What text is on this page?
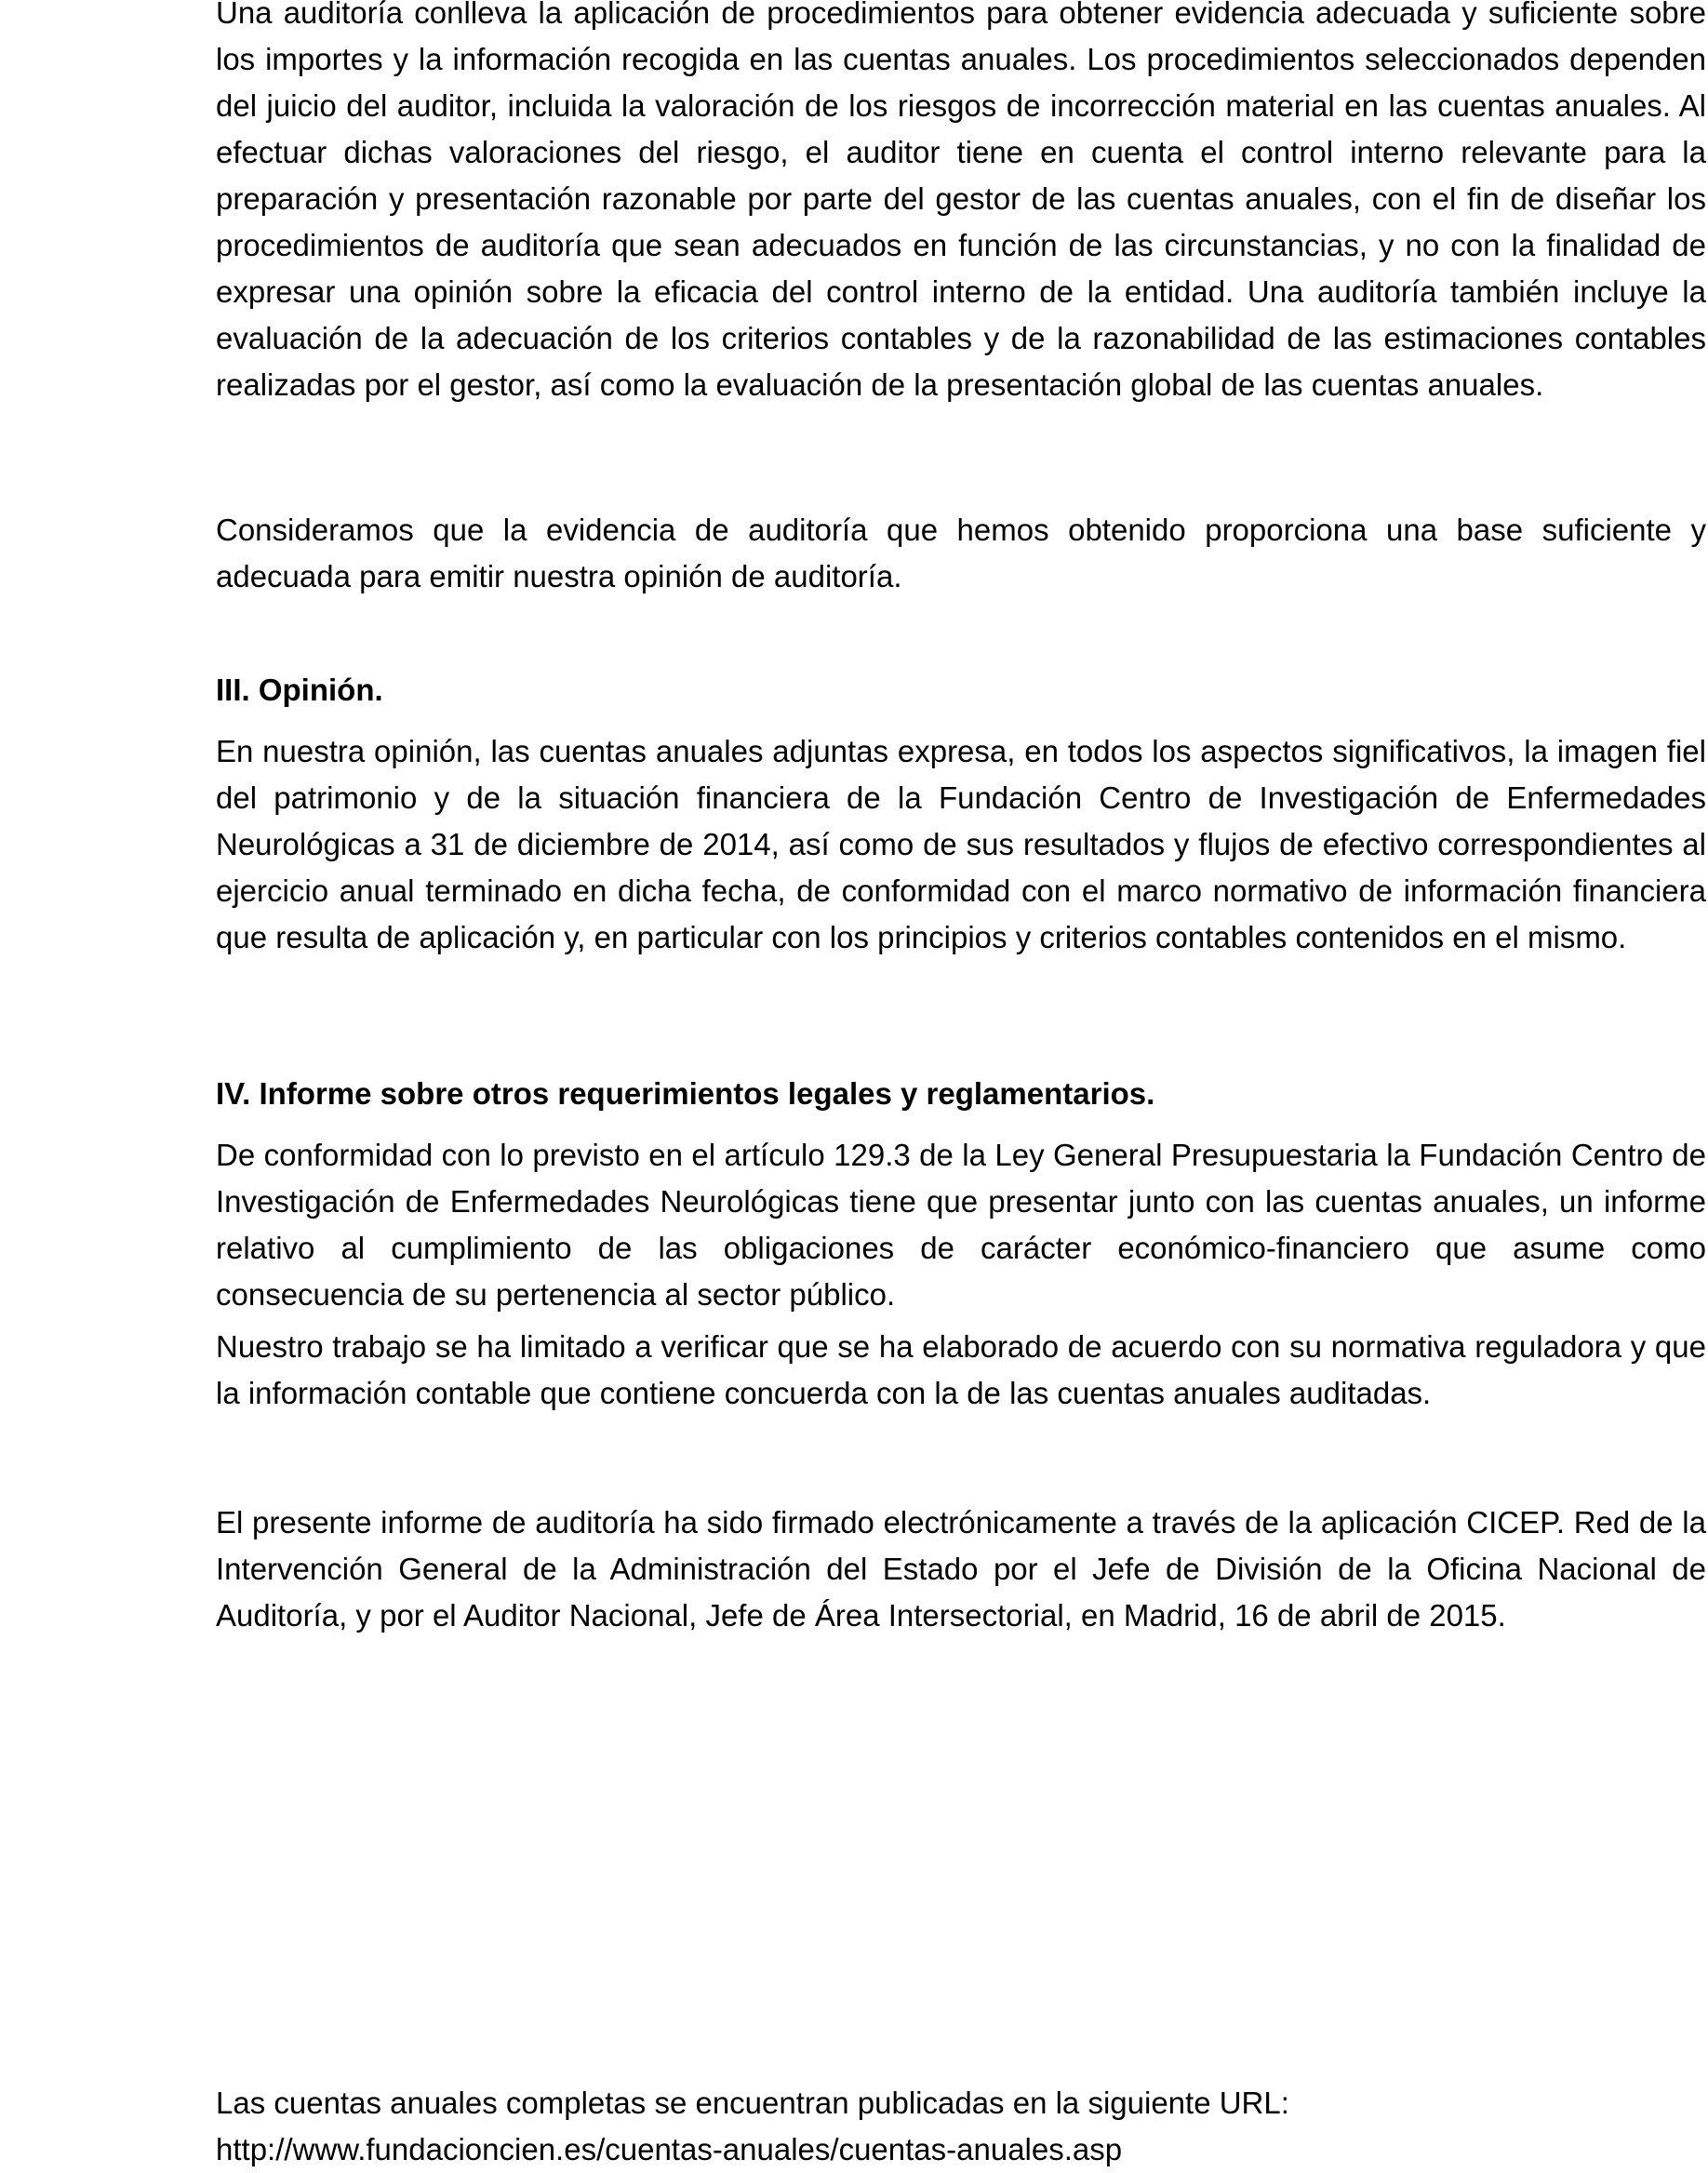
Una auditoría conlleva la aplicación de procedimientos para obtener evidencia adecuada y suficiente sobre los importes y la información recogida en las cuentas anuales. Los procedimientos seleccionados dependen del juicio del auditor, incluida la valoración de los riesgos de incorrección material en las cuentas anuales. Al efectuar dichas valoraciones del riesgo, el auditor tiene en cuenta el control interno relevante para la preparación y presentación razonable por parte del gestor de las cuentas anuales, con el fin de diseñar los procedimientos de auditoría que sean adecuados en función de las circunstancias, y no con la finalidad de expresar una opinión sobre la eficacia del control interno de la entidad. Una auditoría también incluye la evaluación de la adecuación de los criterios contables y de la razonabilidad de las estimaciones contables realizadas por el gestor, así como la evaluación de la presentación global de las cuentas anuales.

Consideramos que la evidencia de auditoría que hemos obtenido proporciona una base suficiente y adecuada para emitir nuestra opinión de auditoría.

III. Opinión.

En nuestra opinión, las cuentas anuales adjuntas expresa, en todos los aspectos significativos, la imagen fiel del patrimonio y de la situación financiera de la Fundación Centro de Investigación de Enfermedades Neurológicas a 31 de diciembre de 2014, así como de sus resultados y flujos de efectivo correspondientes al ejercicio anual terminado en dicha fecha, de conformidad con el marco normativo de información financiera que resulta de aplicación y, en particular con los principios y criterios contables contenidos en el mismo.

IV. Informe sobre otros requerimientos legales y reglamentarios.

De conformidad con lo previsto en el artículo 129.3 de la Ley General Presupuestaria la Fundación Centro de Investigación de Enfermedades Neurológicas tiene que presentar junto con las cuentas anuales, un informe relativo al cumplimiento de las obligaciones de carácter económico-financiero que asume como consecuencia de su pertenencia al sector público.

Nuestro trabajo se ha limitado a verificar que se ha elaborado de acuerdo con su normativa reguladora y que la información contable que contiene concuerda con la de las cuentas anuales auditadas.

El presente informe de auditoría ha sido firmado electrónicamente a través de la aplicación CICEP. Red de la Intervención General de la Administración del Estado por el Jefe de División de la Oficina Nacional de Auditoría, y por el Auditor Nacional, Jefe de Área Intersectorial, en Madrid, 16 de abril de 2015.

Las cuentas anuales completas se encuentran publicadas en la siguiente URL:
http://www.fundacioncien.es/cuentas-anuales/cuentas-anuales.asp
